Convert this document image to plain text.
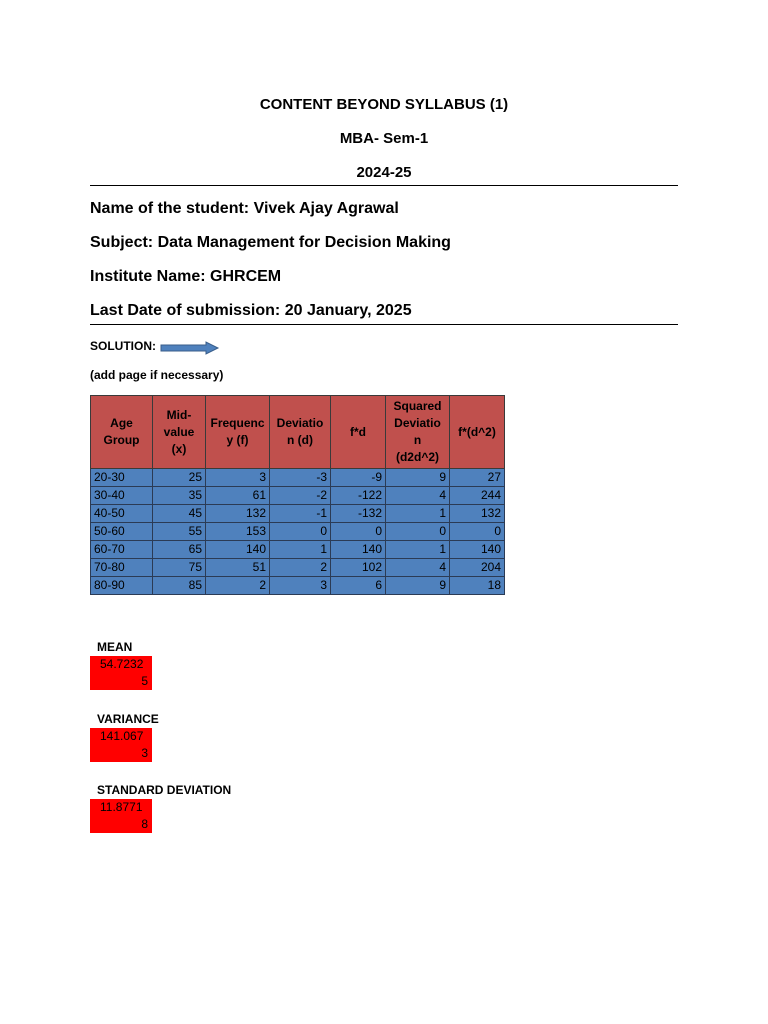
CONTENT BEYOND SYLLABUS (1)
MBA- Sem-1
2024-25
Name of the student: Vivek Ajay Agrawal
Subject: Data Management for Decision Making
Institute Name: GHRCEM
Last Date of submission: 20 January, 2025
SOLUTION:
(add page if necessary)
Age
Group	Mid-
value
(x)	Frequenc
y (f)	Deviatio
n (d)	f*d	Squared
Deviatio
n
(d2d^2)	f*(d^2)
20-30	25	3	-3	-9	9	27
30-40	35	61	-2	-122	4	244
40-50	45	132	-1	-132	1	132
50-60	55	153	0	0	0	0
60-70	65	140	1	140	1	140
70-80	75	51	2	102	4	204
80-90	85	2	3	6	9	18
MEAN
54.7232
5
VARIANCE
141.067
3
STANDARD DEVIATION
11.8771
8
